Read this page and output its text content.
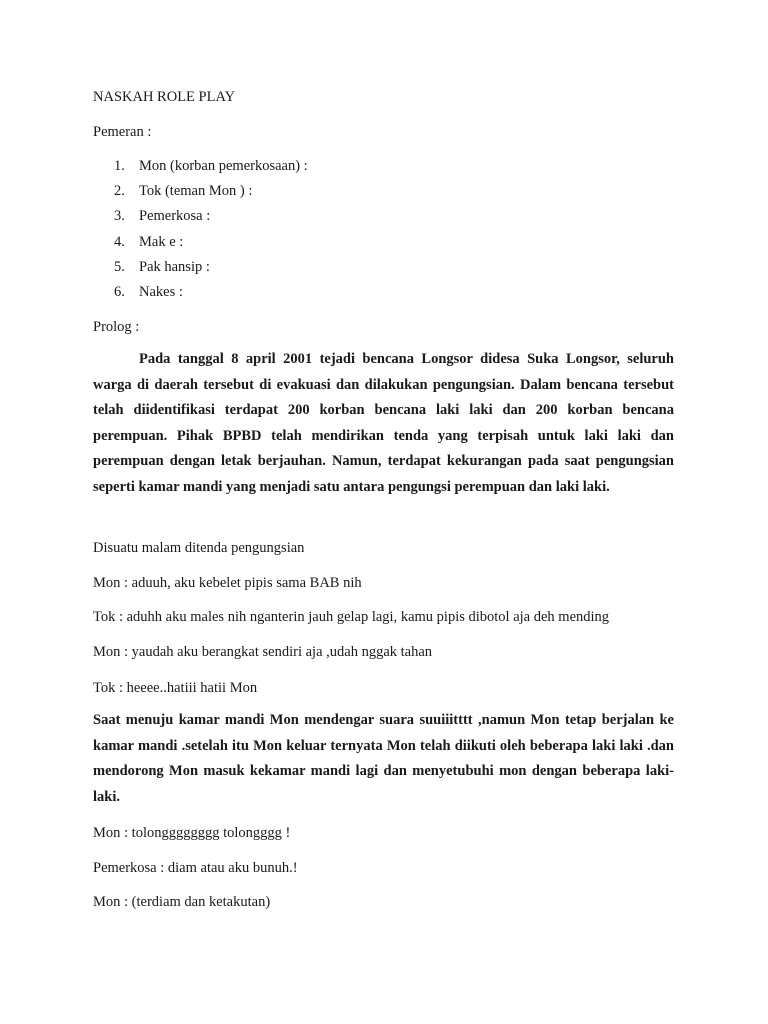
NASKAH ROLE PLAY
Pemeran :
1. Mon (korban pemerkosaan) :
2. Tok (teman Mon ) :
3. Pemerkosa :
4. Mak e :
5. Pak hansip :
6. Nakes :
Prolog :
Pada tanggal 8 april 2001 tejadi bencana Longsor didesa Suka Longsor, seluruh warga di daerah tersebut di evakuasi dan dilakukan pengungsian. Dalam bencana tersebut telah diidentifikasi terdapat 200 korban bencana laki laki dan 200 korban bencana perempuan. Pihak BPBD telah mendirikan tenda yang terpisah untuk laki laki dan perempuan dengan letak berjauhan. Namun, terdapat kekurangan pada saat pengungsian seperti kamar mandi yang menjadi satu antara pengungsi perempuan dan laki laki.
Disuatu malam ditenda pengungsian
Mon : aduuh, aku kebelet pipis sama BAB nih
Tok : aduhh aku males nih nganterin jauh gelap lagi, kamu pipis dibotol aja deh mending
Mon : yaudah aku berangkat sendiri aja ,udah nggak tahan
Tok : heeee..hatiii hatii Mon
Saat menuju kamar mandi Mon mendengar suara suuiiitttt ,namun Mon tetap berjalan ke kamar mandi .setelah itu Mon keluar ternyata Mon telah diikuti oleh beberapa laki laki .dan mendorong Mon masuk kekamar mandi lagi dan menyetubuhi mon dengan beberapa laki-laki.
Mon : tolongggggggg tolongggg !
Pemerkosa : diam atau aku bunuh.!
Mon : (terdiam dan ketakutan)
